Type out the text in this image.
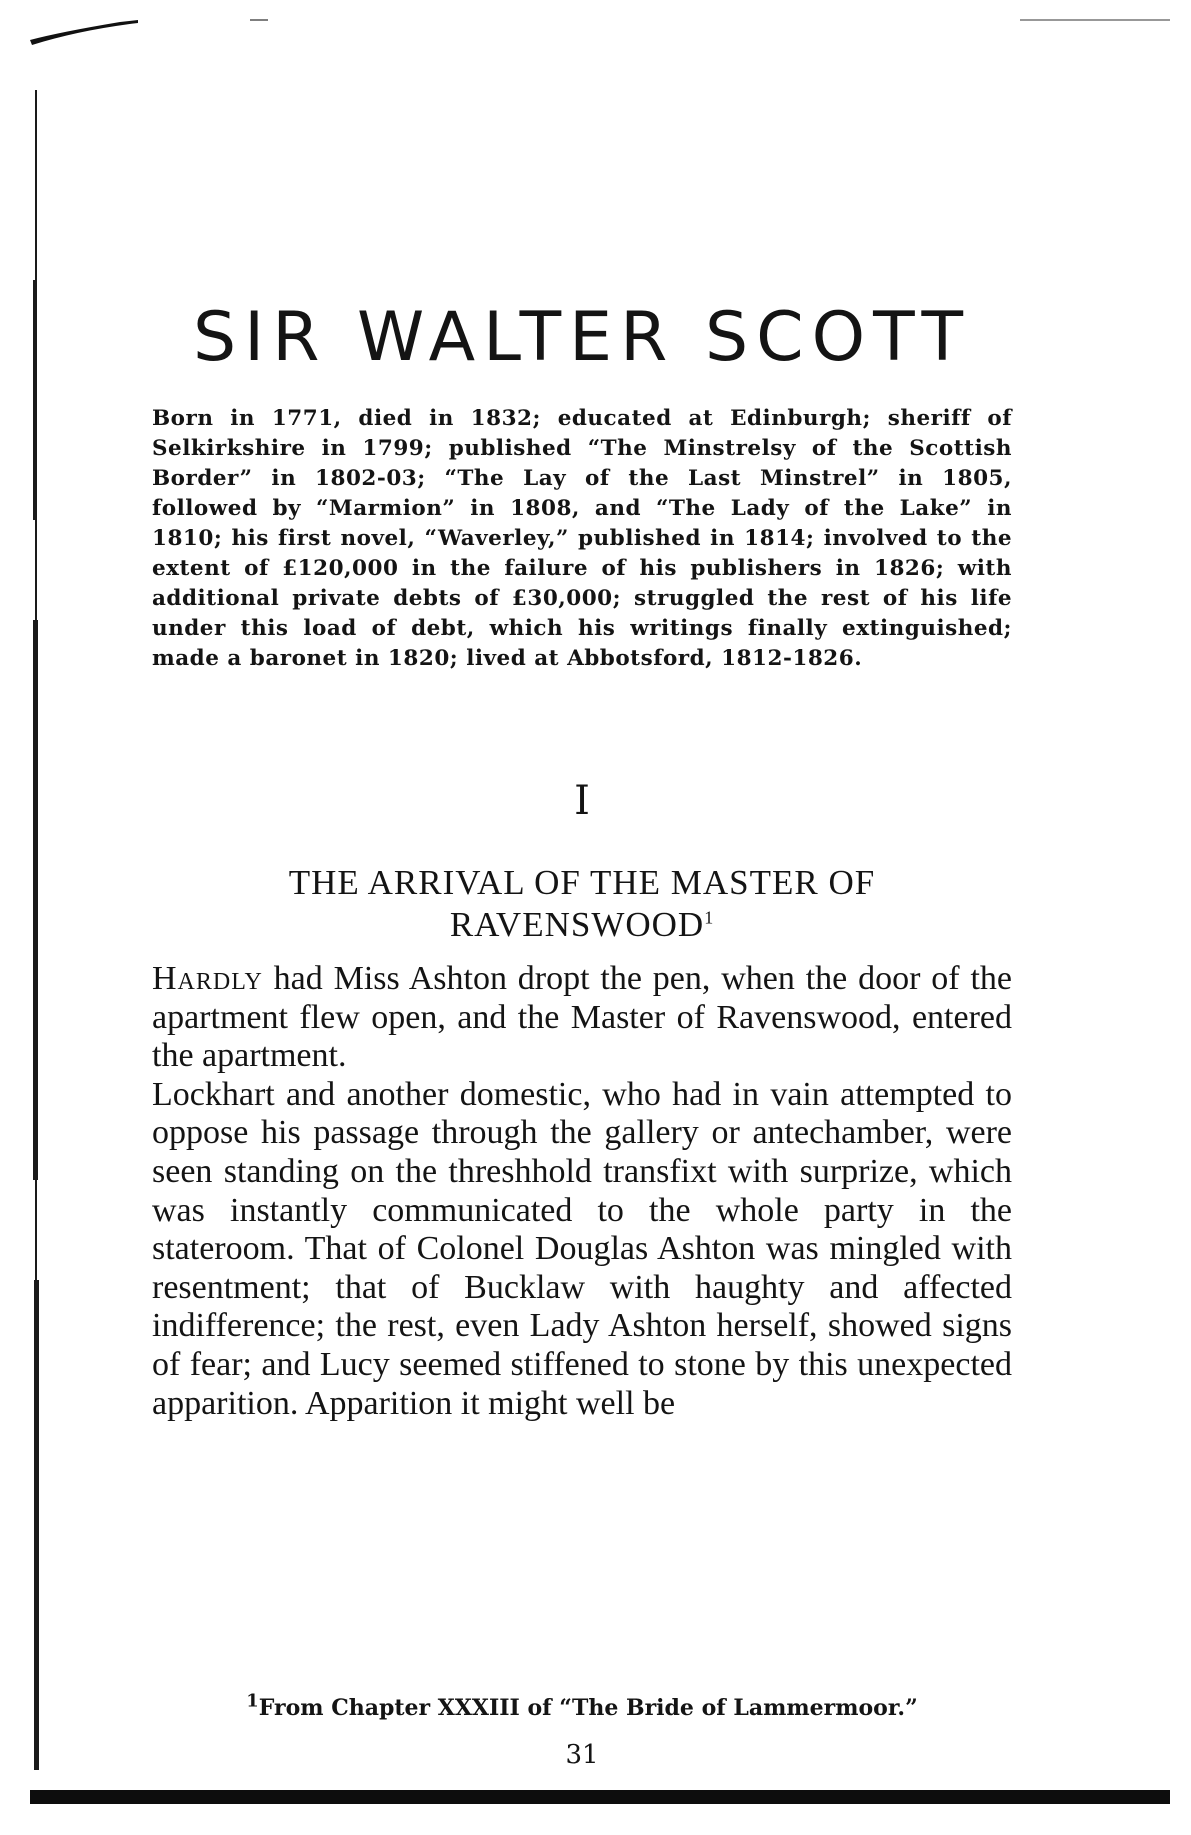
SIR WALTER SCOTT

Born in 1771, died in 1832; educated at Edinburgh; sheriff of Selkirkshire in 1799; published “The Minstrelsy of the Scottish Border” in 1802-03; “The Lay of the Last Minstrel” in 1805, followed by “Marmion” in 1808, and “The Lady of the Lake” in 1810; his first novel, “Waverley,” published in 1814; involved to the extent of £120,000 in the failure of his publishers in 1826; with additional private debts of £30,000; struggled the rest of his life under this load of debt, which his writings finally extinguished; made a baronet in 1820; lived at Abbotsford, 1812-1826.

I
THE ARRIVAL OF THE MASTER OF
RAVENSWOOD$^1$

Hardly had Miss Ashton dropt the pen, when the door of the apartment flew open, and the Master of Ravenswood, entered the apartment.

Lockhart and another domestic, who had in vain attempted to oppose his passage through the gallery or antechamber, were seen standing on the threshhold transfixt with surprize, which was instantly communicated to the whole party in the stateroom. That of Colonel Douglas Ashton was mingled with resentment; that of Bucklaw with haughty and affected indifference; the rest, even Lady Ashton herself, showed signs of fear; and Lucy seemed stiffened to stone by this unexpected apparition. Apparition it might well be

$^1$From Chapter XXXIII of “The Bride of Lammermoor.”

31
